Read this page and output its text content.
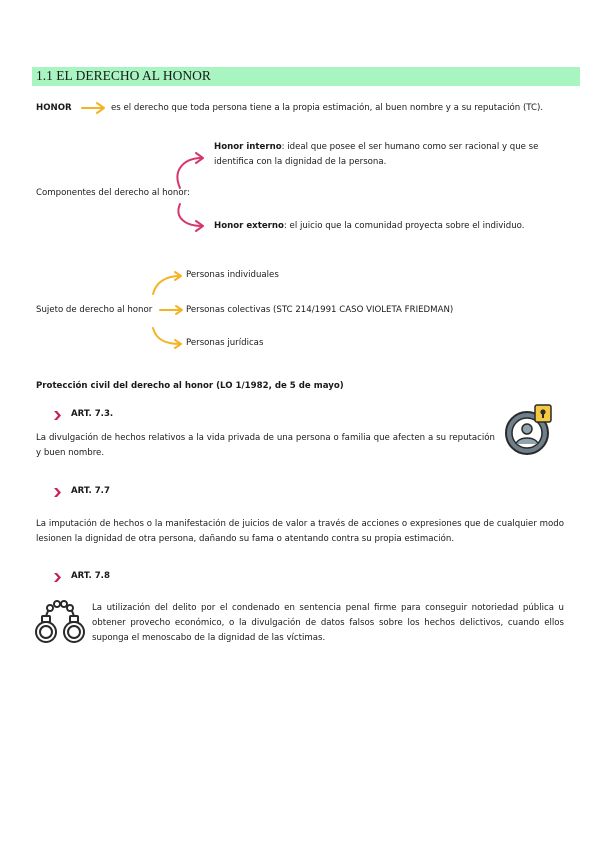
1.1 EL DERECHO AL HONOR
HONOR	es el derecho que toda persona tiene a la propia estimación, al buen nombre y a su reputación (TC).
Componentes del derecho al honor:
Honor interno: ideal que posee el ser humano como ser racional y que se identifica con la dignidad de la persona.
Honor externo: el juicio que la comunidad proyecta sobre el individuo.
Sujeto de derecho al honor
Personas individuales
Personas colectivas (STC 214/1991 CASO VIOLETA FRIEDMAN)
Personas jurídicas
Protección civil del derecho al honor (LO 1/1982, de 5 de mayo)
ART. 7.3.
La divulgación de hechos relativos a la vida privada de una persona o familia que afecten a su reputación y buen nombre.
ART. 7.7
La imputación de hechos o la manifestación de juicios de valor a través de acciones o expresiones que de cualquier modo lesionen la dignidad de otra persona, dañando su fama o atentando contra su propia estimación.
ART. 7.8
La utilización del delito por el condenado en sentencia penal firme para conseguir notoriedad pública u obtener provecho económico, o la divulgación de datos falsos sobre los hechos delictivos, cuando ellos suponga el menoscabo de la dignidad de las víctimas.
